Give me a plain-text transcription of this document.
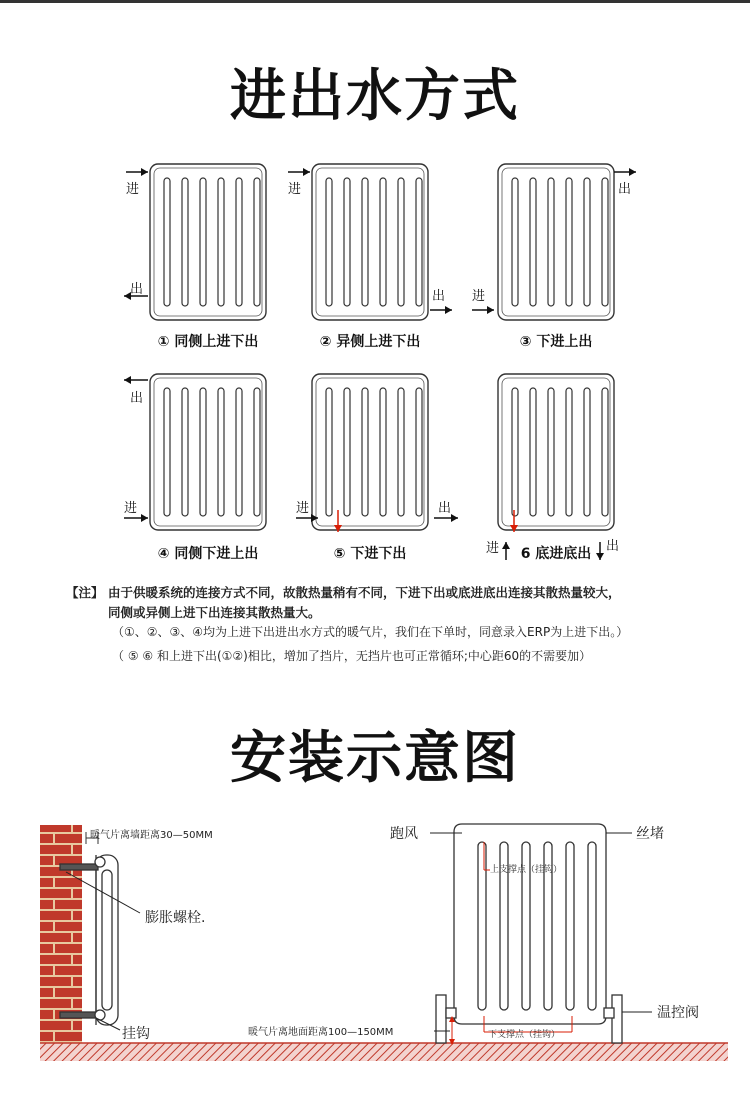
进出水方式
① 同侧上进下出
进
出
② 异侧上进下出
进
出
③ 下进上出
进
出
④ 同侧下进上出
出
进
⑤ 下进下出
进	出
6 底进底出
进	出
【注】 由于供暖系统的连接方式不同，故散热量稍有不同，下进下出或底进底出连接其散热量较大，
同侧或异侧上进下出连接其散热量大。
（①、②、③、④均为上进下出进出水方式的暖气片，我们在下单时，同意录入ERP为上进下出。）
（ ⑤ ⑥ 和上进下出(①②)相比，增加了挡片，无挡片也可正常循环;中心距60的不需要加）
安装示意图
暖气片离墙距离30—50MM
膨胀螺栓.
挂钩
上支撑点（挂钩）
下支撑点（挂钩）
跑风	丝堵
温控阀
暖气片离地面距离100—150MM
